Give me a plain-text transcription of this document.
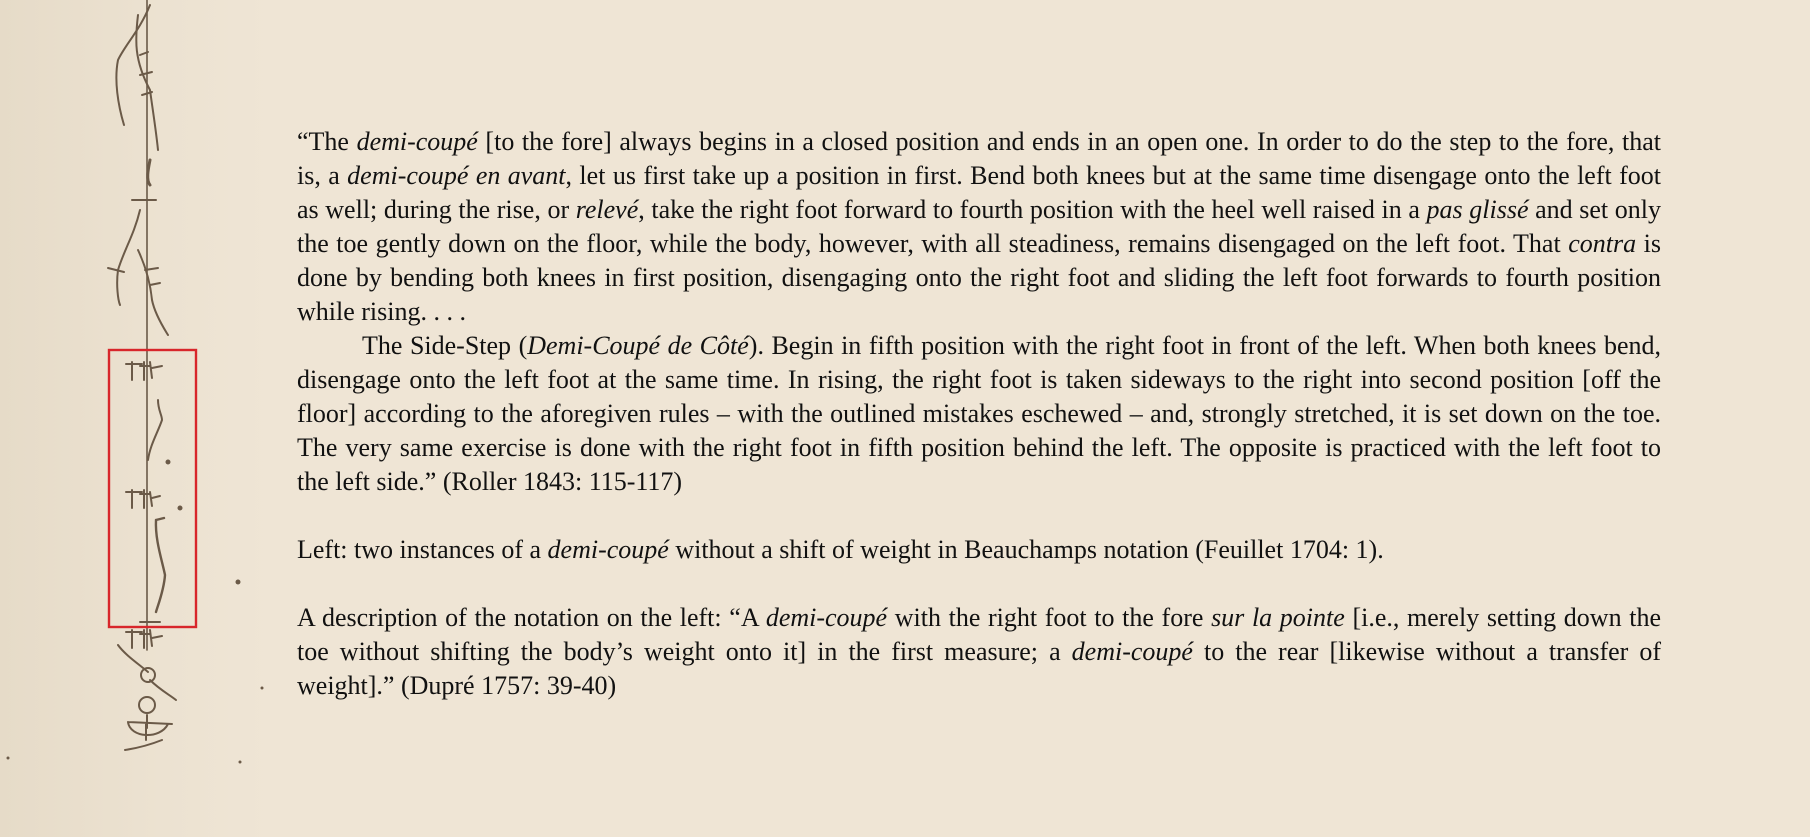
“The demi-coupé [to the fore] always begins in a closed position and ends in an open one. In order to do the step to the fore, that is, a demi-coupé en avant, let us first take up a position in first. Bend both knees but at the same time disengage onto the left foot as well; during the rise, or relevé, take the right foot forward to fourth position with the heel well raised in a pas glissé and set only the toe gently down on the floor, while the body, however, with all steadiness, remains disengaged on the left foot. That contra is done by bending both knees in first position, disengaging onto the right foot and sliding the left foot forwards to fourth position while rising. . . .

The Side-Step (Demi-Coupé de Côté). Begin in fifth position with the right foot in front of the left. When both knees bend, disengage onto the left foot at the same time. In rising, the right foot is taken sideways to the right into second position [off the floor] according to the aforegiven rules – with the outlined mistakes eschewed – and, strongly stretched, it is set down on the toe. The very same exercise is done with the right foot in fifth position behind the left. The opposite is practiced with the left foot to the left side.” (Roller 1843: 115-117)

Left: two instances of a demi-coupé without a shift of weight in Beauchamps notation (Feuillet 1704: 1).

A description of the notation on the left: “A demi-coupé with the right foot to the fore sur la pointe [i.e., merely setting down the toe without shifting the body’s weight onto it] in the first measure; a demi-coupé to the rear [likewise without a transfer of weight].” (Dupré 1757: 39-40)
